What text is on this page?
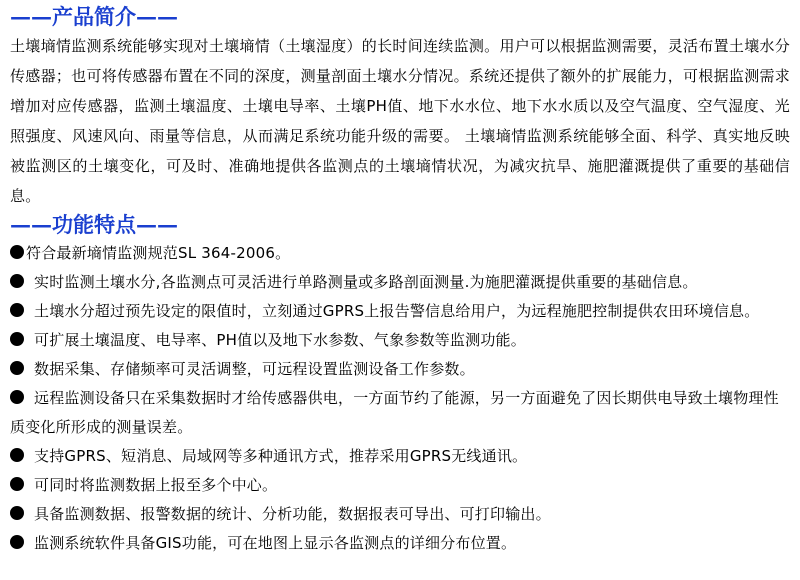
——产品简介——

土壤墒情监测系统能够实现对土壤墒情（土壤湿度）的长时间连续监测。用户可以根据监测需要，灵活布置土壤水分传感器；也可将传感器布置在不同的深度，测量剖面土壤水分情况。系统还提供了额外的扩展能力，可根据监测需求增加对应传感器，监测土壤温度、土壤电导率、土壤PH值、地下水水位、地下水水质以及空气温度、空气湿度、光照强度、风速风向、雨量等信息，从而满足系统功能升级的需要。 土壤墒情监测系统能够全面、科学、真实地反映被监测区的土壤变化，可及时、准确地提供各监测点的土壤墒情状况，为减灾抗旱、施肥灌溉提供了重要的基础信息。

——功能特点——
符合最新墒情监测规范SL 364-2006。
实时监测土壤水分,各监测点可灵活进行单路测量或多路剖面测量.为施肥灌溉提供重要的基础信息。
土壤水分超过预先设定的限值时，立刻通过GPRS上报告警信息给用户，为远程施肥控制提供农田环境信息。
可扩展土壤温度、电导率、PH值以及地下水参数、气象参数等监测功能。
数据采集、存储频率可灵活调整，可远程设置监测设备工作参数。
远程监测设备只在采集数据时才给传感器供电，一方面节约了能源，另一方面避免了因长期供电导致土壤物理性质变化所形成的测量误差。
支持GPRS、短消息、局域网等多种通讯方式，推荐采用GPRS无线通讯。
可同时将监测数据上报至多个中心。
具备监测数据、报警数据的统计、分析功能，数据报表可导出、可打印输出。
监测系统软件具备GIS功能，可在地图上显示各监测点的详细分布位置。
